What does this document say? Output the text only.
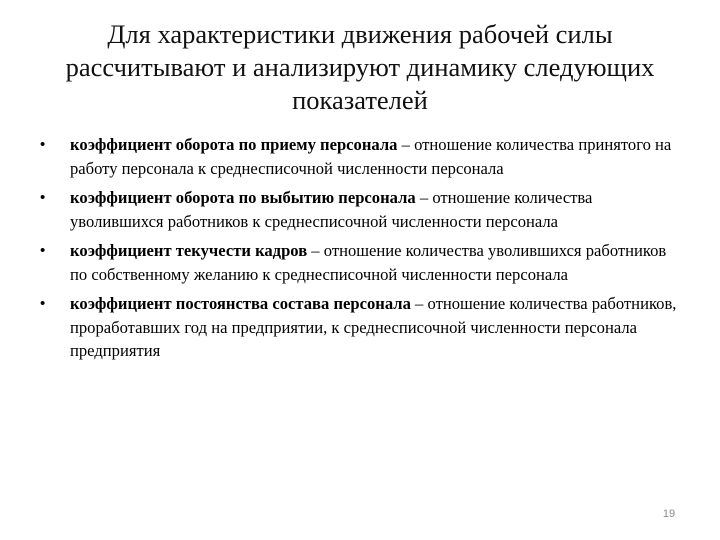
Для характеристики движения рабочей силы рассчитывают и анализируют динамику следующих показателей
•	коэффициент оборота по приему персонала – отношение количества принятого на работу персонала к среднесписочной численности персонала
•	коэффициент оборота по выбытию персонала – отношение количества уволившихся работников к среднесписочной численности персонала
•	коэффициент текучести кадров – отношение количества уволившихся работников по собственному желанию к среднесписочной численности персонала
•	коэффициент постоянства состава персонала – отношение количества работников, проработавших год на предприятии, к среднесписочной численности персонала предприятия
19
